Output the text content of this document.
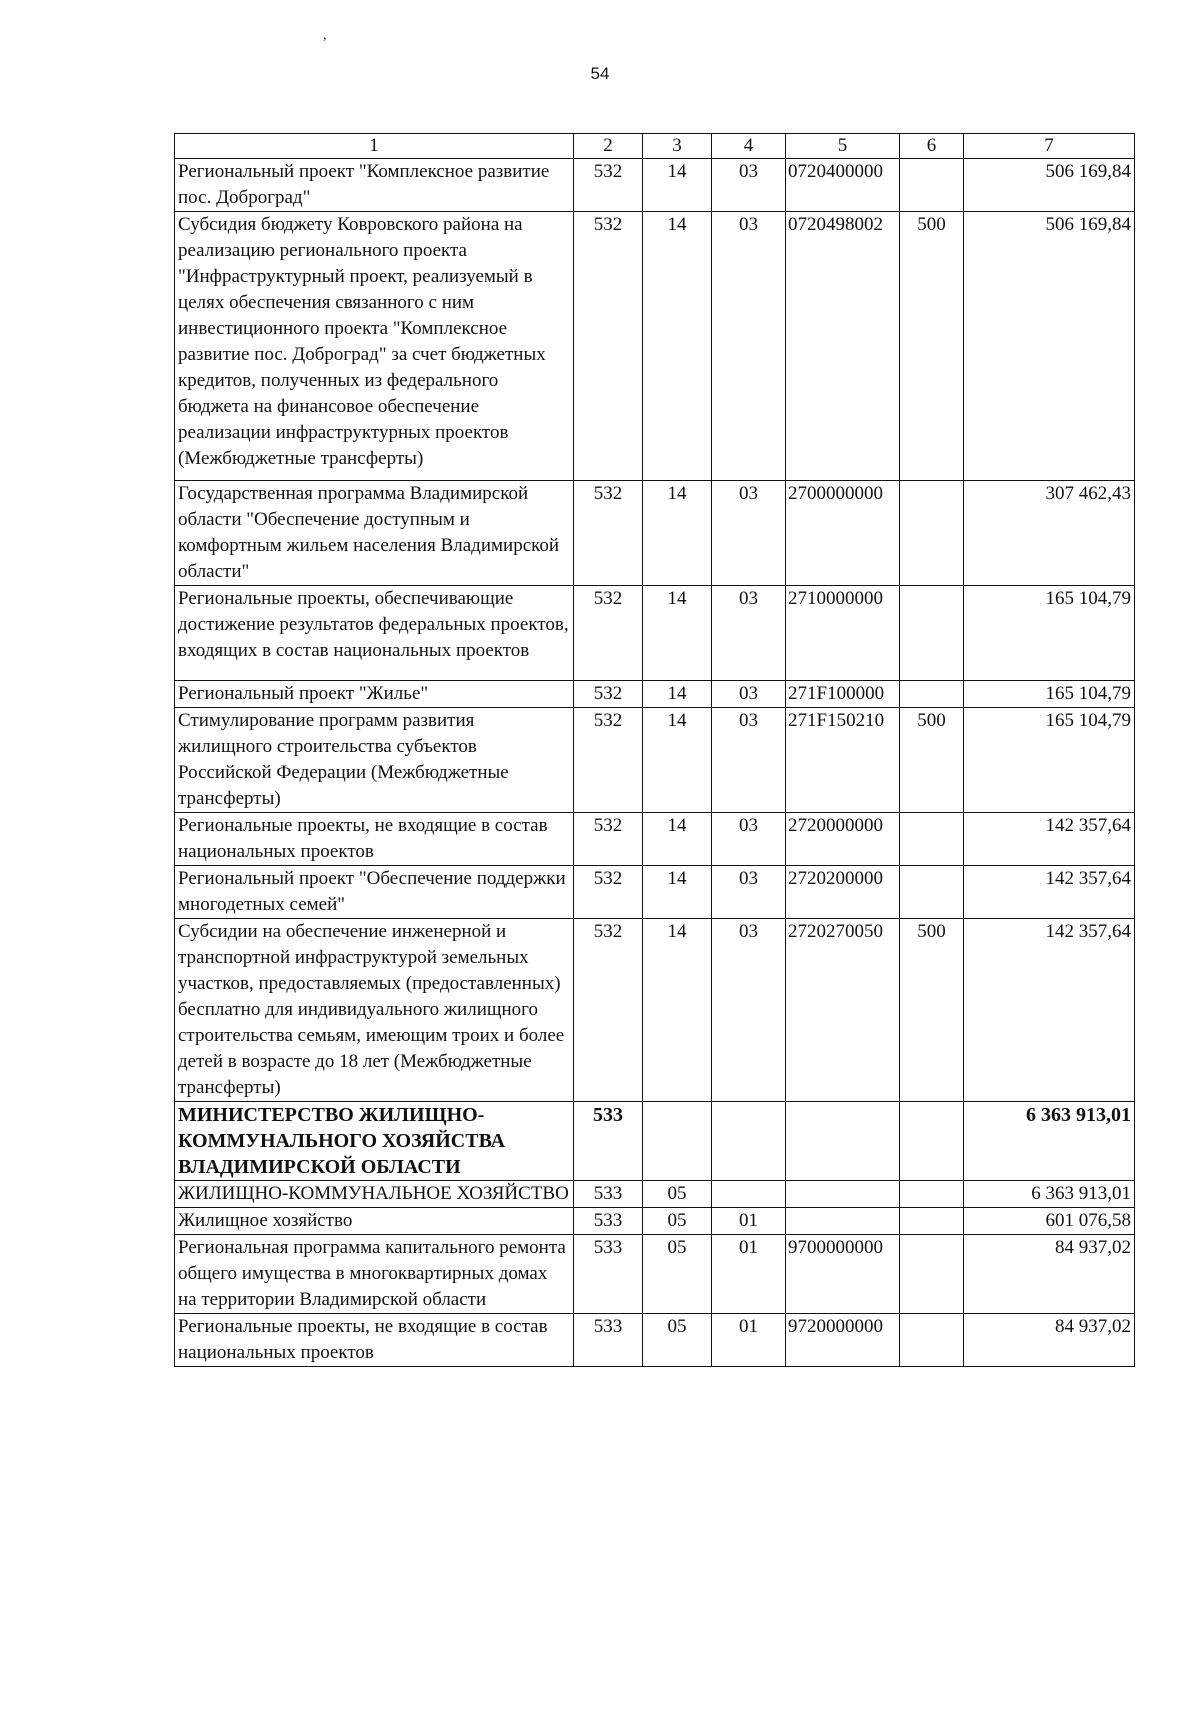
,
54
1	2	3	4	5	6	7
Региональный проект "Комплексное развитие пос. Доброград"	532	14	03	0720400000		506 169,84
Субсидия бюджету Ковровского района на реализацию регионального проекта "Инфраструктурный проект, реализуемый в целях обеспечения связанного с ним инвестиционного проекта "Комплексное развитие пос. Доброград" за счет бюджетных кредитов, полученных из федерального бюджета на финансовое обеспечение реализации инфраструктурных проектов (Межбюджетные трансферты)	532	14	03	0720498002	500	506 169,84
Государственная программа Владимирской области "Обеспечение доступным и комфортным жильем населения Владимирской области"	532	14	03	2700000000		307 462,43
Региональные проекты, обеспечивающие достижение результатов федеральных проектов, входящих в состав национальных проектов	532	14	03	2710000000		165 104,79
Региональный проект "Жилье"	532	14	03	271F100000		165 104,79
Стимулирование программ развития жилищного строительства субъектов Российской Федерации (Межбюджетные трансферты)	532	14	03	271F150210	500	165 104,79
Региональные проекты, не входящие в состав национальных проектов	532	14	03	2720000000		142 357,64
Региональный проект "Обеспечение поддержки многодетных семей"	532	14	03	2720200000		142 357,64
Субсидии на обеспечение инженерной и транспортной инфраструктурой земельных участков, предоставляемых (предоставленных) бесплатно для индивидуального жилищного строительства семьям, имеющим троих и более детей в возрасте до 18 лет (Межбюджетные трансферты)	532	14	03	2720270050	500	142 357,64
МИНИСТЕРСТВО ЖИЛИЩНО-КОММУНАЛЬНОГО ХОЗЯЙСТВА ВЛАДИМИРСКОЙ ОБЛАСТИ	533					6 363 913,01
ЖИЛИЩНО-КОММУНАЛЬНОЕ ХОЗЯЙСТВО	533	05				6 363 913,01
Жилищное хозяйство	533	05	01			601 076,58
Региональная программа капитального ремонта общего имущества в многоквартирных домах на территории Владимирской области	533	05	01	9700000000		84 937,02
Региональные проекты, не входящие в состав национальных проектов	533	05	01	9720000000		84 937,02
